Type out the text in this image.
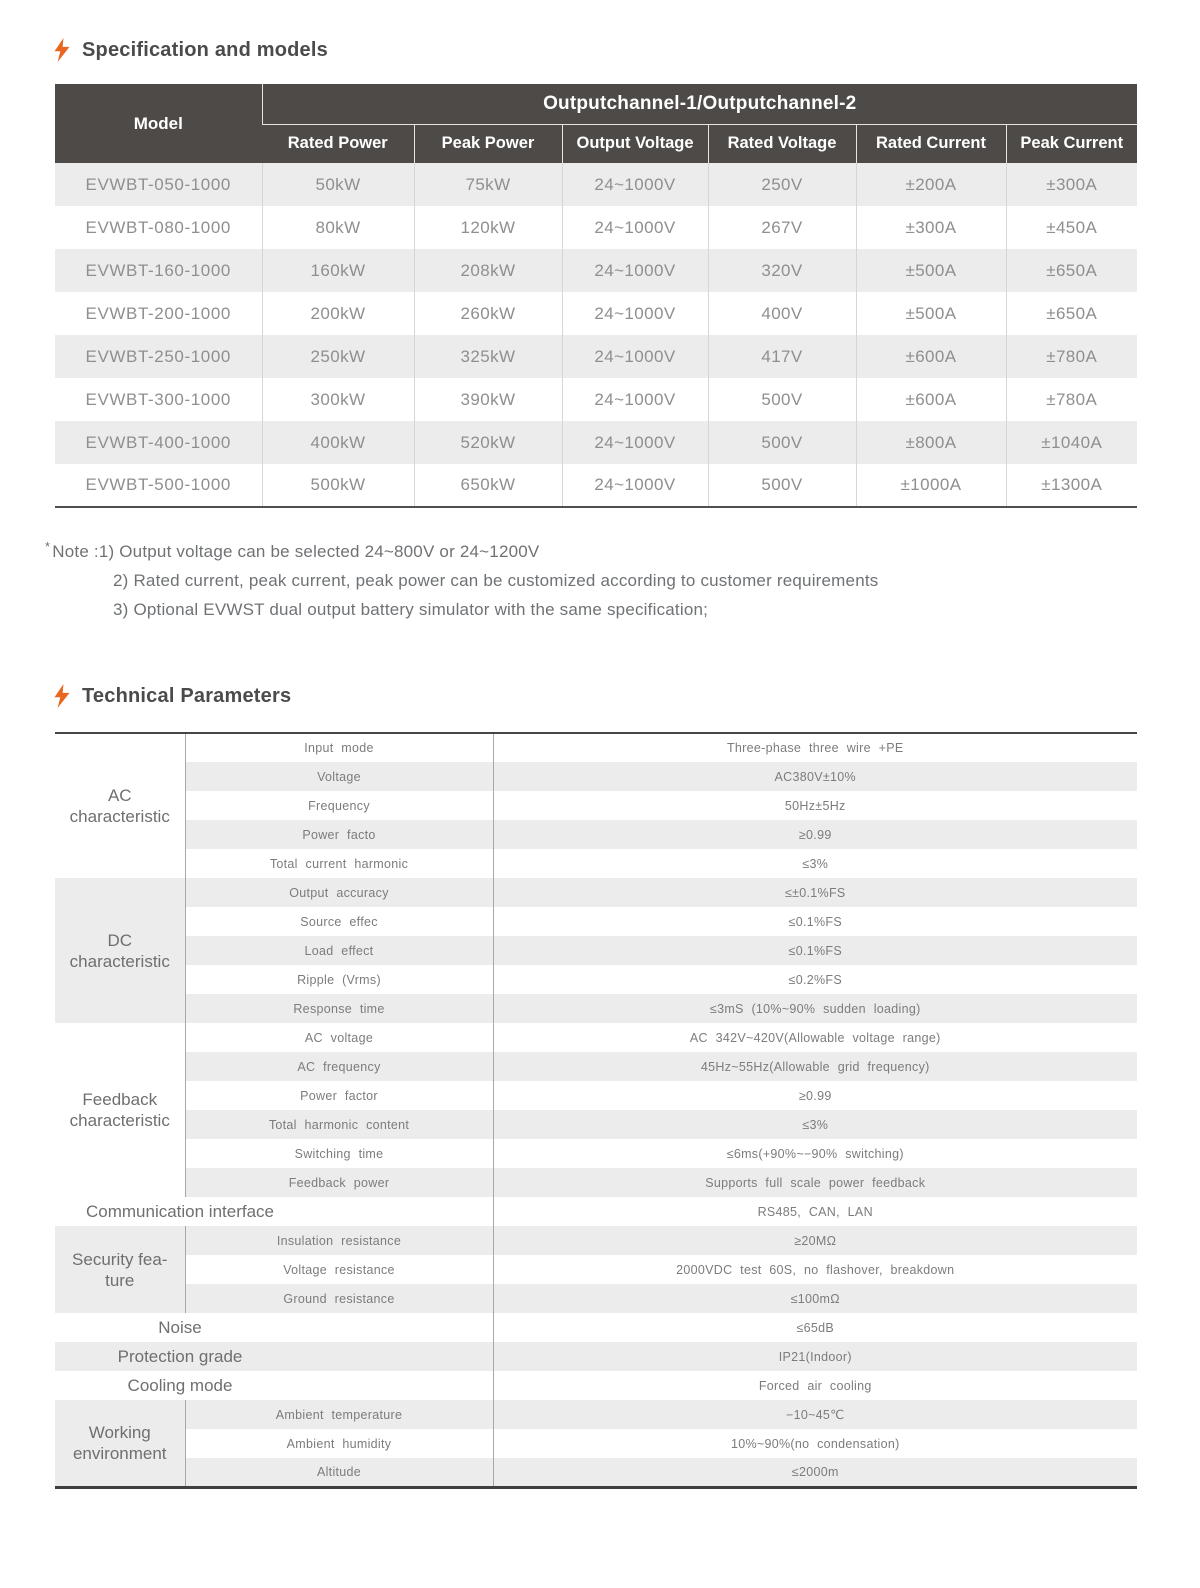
Specification and models
Model	Outputchannel-1/Outputchannel-2					
	Rated Power	Peak Power	Output Voltage	Rated Voltage	Rated Current	Peak Current
EVWBT-050-1000	50kW	75kW	24~1000V	250V	±200A	±300A
EVWBT-080-1000	80kW	120kW	24~1000V	267V	±300A	±450A
EVWBT-160-1000	160kW	208kW	24~1000V	320V	±500A	±650A
EVWBT-200-1000	200kW	260kW	24~1000V	400V	±500A	±650A
EVWBT-250-1000	250kW	325kW	24~1000V	417V	±600A	±780A
EVWBT-300-1000	300kW	390kW	24~1000V	500V	±600A	±780A
EVWBT-400-1000	400kW	520kW	24~1000V	500V	±800A	±1040A
EVWBT-500-1000	500kW	650kW	24~1000V	500V	±1000A	±1300A
* Note :1) Output voltage can be selected 24~800V or 24~1200V
2) Rated current, peak current, peak power can be customized according to customer requirements
3) Optional EVWST dual output battery simulator with the same specification;
Technical Parameters
AC characteristic	Input mode	Three-phase three wire +PE
	Voltage	AC380V±10%
	Frequency	50Hz±5Hz
	Power facto	≥0.99
	Total current harmonic	≤3%
DC characteristic	Output accuracy	≤±0.1%FS
	Source effec	≤0.1%FS
	Load effect	≤0.1%FS
	Ripple (Vrms)	≤0.2%FS
	Response time	≤3mS (10%~90% sudden loading)
Feedback characteristic	AC voltage	AC 342V~420V(Allowable voltage range)
	AC frequency	45Hz~55Hz(Allowable grid frequency)
	Power factor	≥0.99
	Total harmonic content	≤3%
	Switching time	≤6ms(+90%~−90% switching)
	Feedback power	Supports full scale power feedback

Communication interface		RS485, CAN, LAN
Security fea-ture	Insulation resistance	≥20MΩ
	Voltage resistance	2000VDC test 60S, no flashover, breakdown
	Ground resistance	≤100mΩ

Noise		≤65dB

Protection grade		IP21(Indoor)

Cooling mode		Forced air cooling
Working environment	Ambient temperature	−10~45℃
	Ambient humidity	10%~90%(no condensation)
	Altitude	≤2000m
